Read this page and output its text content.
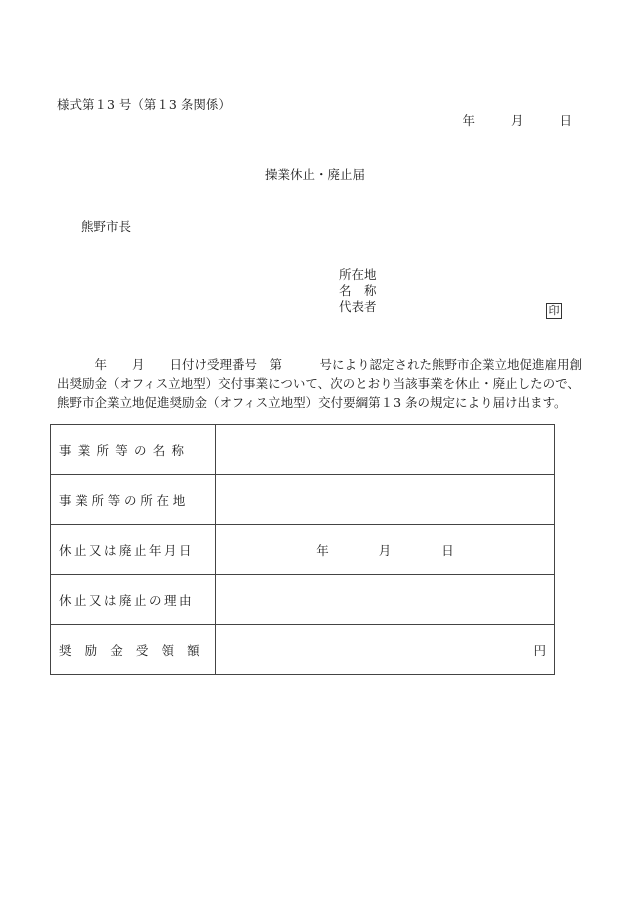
様式第１3 号（第１3 条関係）
年	月	日
操業休止・廃止届
熊野市長
所在地
名　称
代表者	印
　　　年　　月　　日付け受理番号　第　　　号により認定された熊野市企業立地促進雇用創
出奨励金（オフィス立地型）交付事業について、次のとおり当該事業を休止・廃止したので、
熊野市企業立地促進奨励金（オフィス立地型）交付要綱第１3 条の規定により届け出ます。
事業所等の名称	
事業所等の所在地	
休止又は廃止年月日	年 月 日

休止又は廃止の理由	
奨励金受領額	円
